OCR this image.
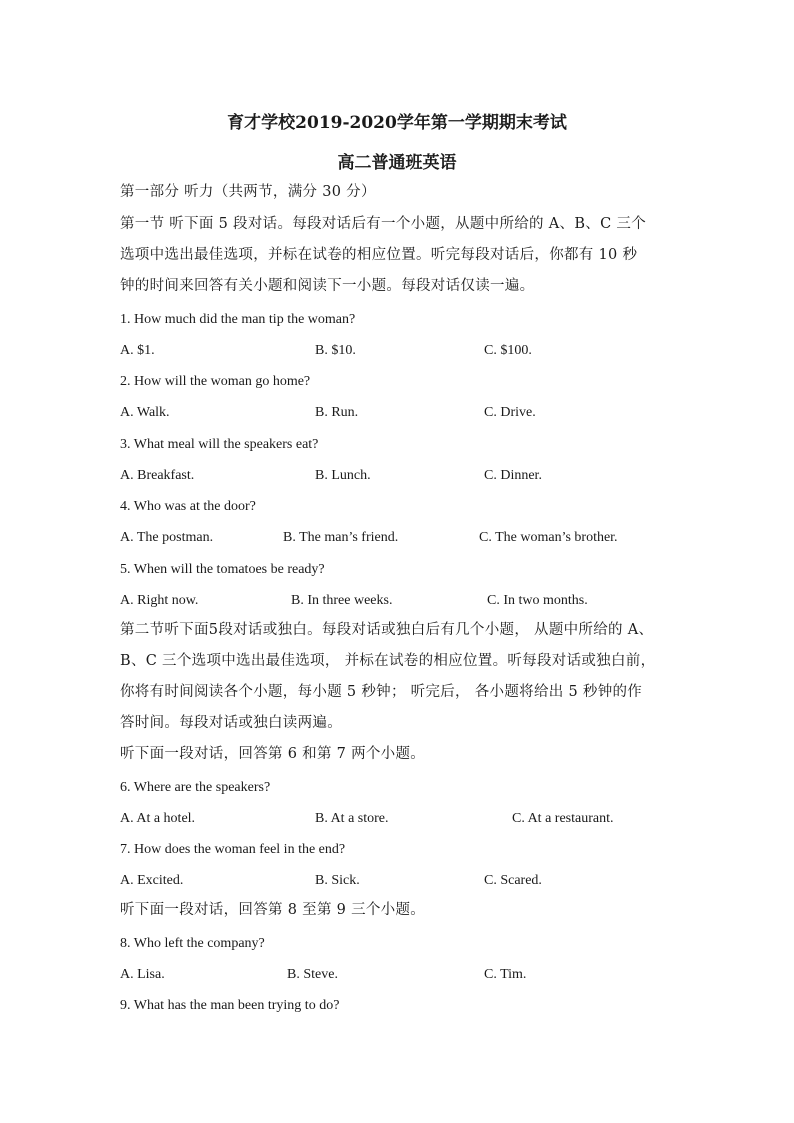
育才学校2019-2020学年第一学期期末考试
高二普通班英语
第一部分 听力（共两节，满分 30 分）
第一节 听下面 5 段对话。每段对话后有一个小题，从题中所给的 A、B、C 三个
选项中选出最佳选项，并标在试卷的相应位置。听完每段对话后，你都有 10 秒
钟的时间来回答有关小题和阅读下一小题。每段对话仅读一遍。
1. How much did the man tip the woman?
A. $1.	B. $10.	C. $100.
2. How will the woman go home?
A. Walk.	B. Run.	C. Drive.
3. What meal will the speakers eat?
A. Breakfast.	B. Lunch.	C. Dinner.
4. Who was at the door?
A. The postman.	B. The man’s friend.	C. The woman’s brother.
5. When will the tomatoes be ready?
A. Right now.	B. In three weeks.	C. In two months.
第二节听下面5段对话或独白。每段对话或独白后有几个小题， 从题中所给的 A、
B、C 三个选项中选出最佳选项， 并标在试卷的相应位置。听每段对话或独白前，
你将有时间阅读各个小题，每小题 5 秒钟； 听完后， 各小题将给出 5 秒钟的作
答时间。每段对话或独白读两遍。
听下面一段对话，回答第 6 和第 7 两个小题。
6. Where are the speakers?
A. At a hotel.	B. At a store.	C. At a restaurant.
7. How does the woman feel in the end?
A. Excited.	B. Sick.	C. Scared.
听下面一段对话，回答第 8 至第 9 三个小题。
8. Who left the company?
A. Lisa.	B. Steve.	C. Tim.
9. What has the man been trying to do?
